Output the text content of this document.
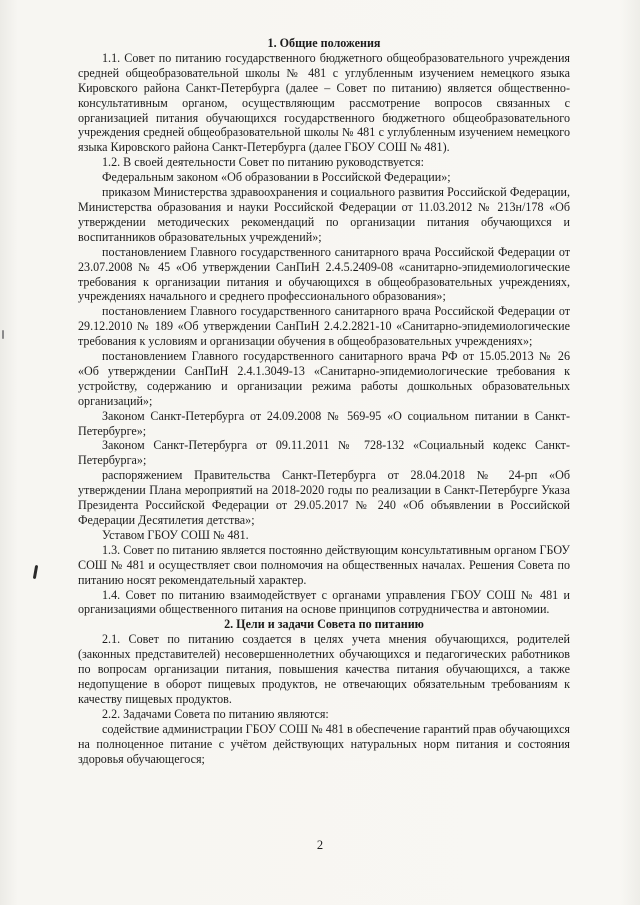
1. Общие положения

1.1. Совет по питанию государственного бюджетного общеобразовательного учреждения средней общеобразовательной школы № 481 с углубленным изучением немецкого языка Кировского района Санкт-Петербурга (далее – Совет по питанию) является общественно-консультативным органом, осуществляющим рассмотрение вопросов связанных с организацией питания обучающихся государственного бюджетного общеобразовательного учреждения средней общеобразовательной школы № 481 с углубленным изучением немецкого языка Кировского района Санкт-Петербурга (далее ГБОУ СОШ № 481).

1.2. В своей деятельности Совет по питанию руководствуется:

Федеральным законом «Об образовании в Российской Федерации»;

приказом Министерства здравоохранения и социального развития Российской Федерации, Министерства образования и науки Российской Федерации от 11.03.2012 № 213н/178 «Об утверждении методических рекомендаций по организации питания обучающихся и воспитанников образовательных учреждений»;

постановлением Главного государственного санитарного врача Российской Федерации от 23.07.2008 № 45 «Об утверждении СанПиН 2.4.5.2409-08 «санитарно-эпидемиологические требования к организации питания и обучающихся в общеобразовательных учреждениях, учреждениях начального и среднего профессионального образования»;

постановлением Главного государственного санитарного врача Российской Федерации от 29.12.2010 № 189 «Об утверждении СанПиН 2.4.2.2821-10 «Санитарно-эпидемиологические требования к условиям и организации обучения в общеобразовательных учреждениях»;

постановлением Главного государственного санитарного врача РФ от 15.05.2013 № 26 «Об утверждении СанПиН 2.4.1.3049-13 «Санитарно-эпидемиологические требования к устройству, содержанию и организации режима работы дошкольных образовательных организаций»;

Законом Санкт-Петербурга от 24.09.2008 № 569-95 «О социальном питании в Санкт-Петербурге»;

Законом Санкт-Петербурга от 09.11.2011 № 728-132 «Социальный кодекс Санкт-Петербурга»;

распоряжением Правительства Санкт-Петербурга от 28.04.2018 № 24-рп «Об утверждении Плана мероприятий на 2018-2020 годы по реализации в Санкт-Петербурге Указа Президента Российской Федерации от 29.05.2017 № 240 «Об объявлении в Российской Федерации Десятилетия детства»;

Уставом ГБОУ СОШ № 481.

1.3. Совет по питанию является постоянно действующим консультативным органом ГБОУ СОШ № 481 и осуществляет свои полномочия на общественных началах. Решения Совета по питанию носят рекомендательный характер.

1.4. Совет по питанию взаимодействует с органами управления ГБОУ СОШ № 481 и организациями общественного питания на основе принципов сотрудничества и автономии.

2. Цели и задачи Совета по питанию

2.1. Совет по питанию создается в целях учета мнения обучающихся, родителей (законных представителей) несовершеннолетних обучающихся и педагогических работников по вопросам организации питания, повышения качества питания обучающихся, а также недопущение в оборот пищевых продуктов, не отвечающих обязательным требованиям к качеству пищевых продуктов.

2.2. Задачами Совета по питанию являются:

содействие администрации ГБОУ СОШ № 481 в обеспечение гарантий прав обучающихся на полноценное питание с учётом действующих натуральных норм питания и состояния здоровья обучающегося;

2
